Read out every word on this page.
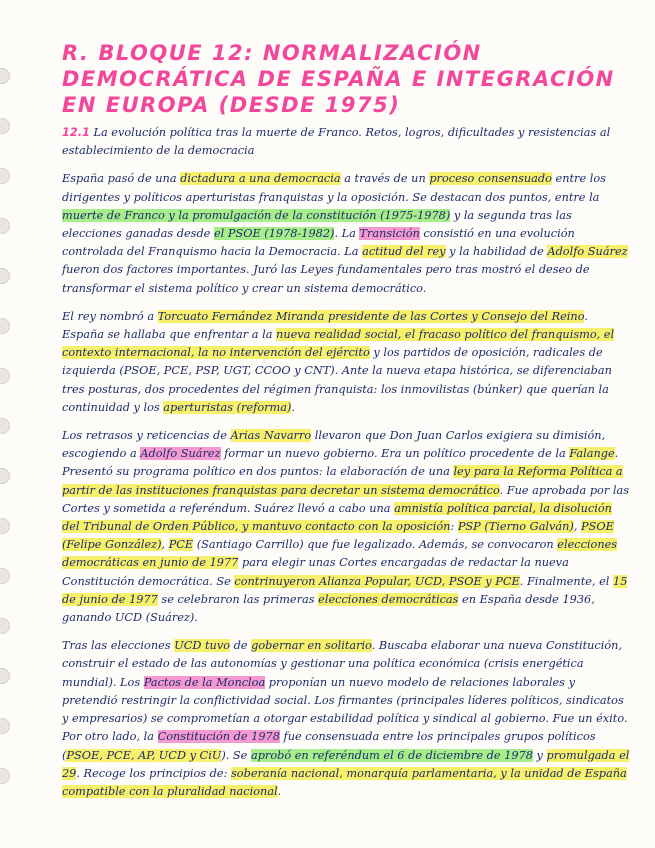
R. BLOQUE 12: NORMALIZACIÓN DEMOCRÁTICA DE ESPAÑA E INTEGRACIÓN EN EUROPA (DESDE 1975)

12.1 La evolución política tras la muerte de Franco. Retos, logros, dificultades y resistencias al establecimiento de la democracia

España pasó de una dictadura a una democracia a través de un proceso consensuado entre los dirigentes y políticos aperturistas franquistas y la oposición. Se destacan dos puntos, entre la muerte de Franco y la promulgación de la constitución (1975-1978) y la segunda tras las elecciones ganadas desde el PSOE (1978-1982). La Transición consistió en una evolución controlada del Franquismo hacia la Democracia. La actitud del rey y la habilidad de Adolfo Suárez fueron dos factores importantes. Juró las Leyes fundamentales pero tras mostró el deseo de transformar el sistema político y crear un sistema democrático.

El rey nombró a Torcuato Fernández Miranda presidente de las Cortes y Consejo del Reino. España se hallaba que enfrentar a la nueva realidad social, el fracaso político del franquismo, el contexto internacional, la no intervención del ejército y los partidos de oposición, radicales de izquierda (PSOE, PCE, PSP, UGT, CCOO y CNT). Ante la nueva etapa histórica, se diferenciaban tres posturas, dos procedentes del régimen franquista: los inmovilistas (búnker) que querían la continuidad y los aperturistas (reforma).

Los retrasos y reticencias de Arias Navarro llevaron que Don Juan Carlos exigiera su dimisión, escogiendo a Adolfo Suárez formar un nuevo gobierno. Era un político procedente de la Falange. Presentó su programa político en dos puntos: la elaboración de una ley para la Reforma Política a partir de las instituciones franquistas para decretar un sistema democrático. Fue aprobada por las Cortes y sometida a referéndum. Suárez llevó a cabo una amnistía política parcial, la disolución del Tribunal de Orden Público, y mantuvo contacto con la oposición: PSP (Tierno Galván), PSOE (Felipe González), PCE (Santiago Carrillo) que fue legalizado. Además, se convocaron elecciones democráticas en junio de 1977 para elegir unas Cortes encargadas de redactar la nueva Constitución democrática. Se contrinuyeron Alianza Popular, UCD, PSOE y PCE. Finalmente, el 15 de junio de 1977 se celebraron las primeras elecciones democráticas en España desde 1936, ganando UCD (Suárez).

Tras las elecciones UCD tuvo de gobernar en solitario. Buscaba elaborar una nueva Constitución, construir el estado de las autonomías y gestionar una política económica (crisis energética mundial). Los Pactos de la Moncloa proponían un nuevo modelo de relaciones laborales y pretendió restringir la conflictividad social. Los firmantes (principales líderes políticos, sindicatos y empresarios) se comprometían a otorgar estabilidad política y sindical al gobierno. Fue un éxito. Por otro lado, la Constitución de 1978 fue consensuada entre los principales grupos políticos (PSOE, PCE, AP, UCD y CiU). Se aprobó en referéndum el 6 de diciembre de 1978 y promulgada el 29. Recoge los principios de: soberanía nacional, monarquía parlamentaria, y la unidad de España compatible con la pluralidad nacional.
